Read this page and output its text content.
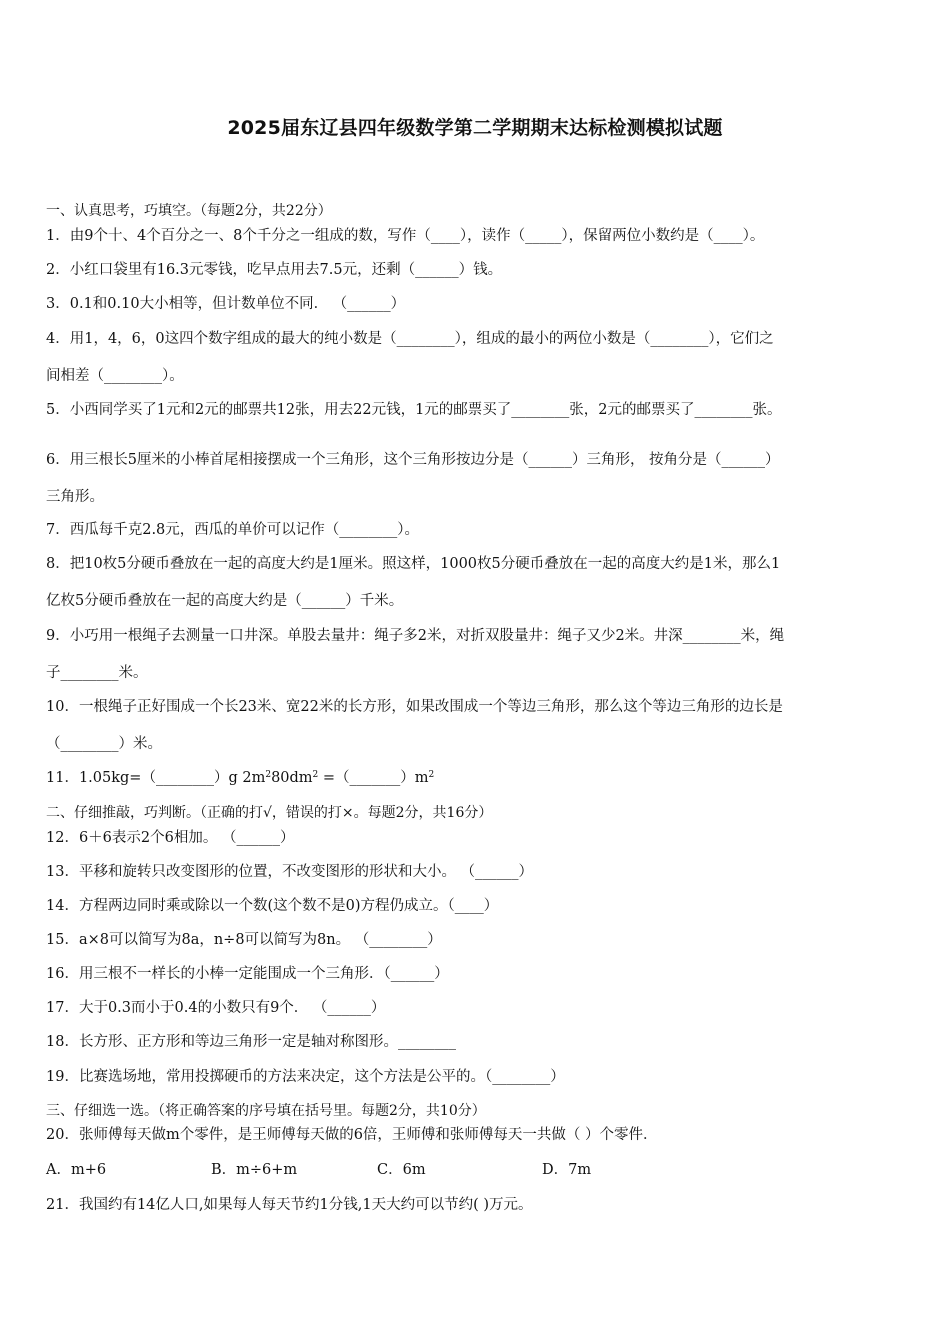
2025届东辽县四年级数学第二学期期末达标检测模拟试题
一、认真思考，巧填空。（每题2分，共22分）
1．由9个十、4个百分之一、8个千分之一组成的数，写作（____），读作（_____），保留两位小数约是（____）。
2．小红口袋里有16.3元零钱，吃早点用去7.5元，还剩（______）钱。
3．0.1和0.10大小相等，但计数单位不同． （______）
4．用1，4，6，0这四个数字组成的最大的纯小数是（________），组成的最小的两位小数是（________），它们之
间相差（________）。
5．小西同学买了1元和2元的邮票共12张，用去22元钱，1元的邮票买了________张，2元的邮票买了________张。
6．用三根长5厘米的小棒首尾相接摆成一个三角形，这个三角形按边分是（______）三角形， 按角分是（______）
三角形。
7．西瓜每千克2.8元，西瓜的单价可以记作（________）。
8．把10枚5分硬币叠放在一起的高度大约是1厘米。照这样，1000枚5分硬币叠放在一起的高度大约是1米，那么1
亿枚5分硬币叠放在一起的高度大约是（______）千米。
9．小巧用一根绳子去测量一口井深。单股去量井：绳子多2米，对折双股量井：绳子又少2米。井深________米，绳
子________米。
10．一根绳子正好围成一个长23米、宽22米的长方形，如果改围成一个等边三角形，那么这个等边三角形的边长是
（________）米。
11．1.05kg=（________）g $2m^280dm^2$ $=(\_\_\_\_\_\_\_)m^2$
二、仔细推敲，巧判断。（正确的打√，错误的打×。每题2分，共16分）
12．6＋6表示2个6相加。 （______）
13．平移和旋转只改变图形的位置，不改变图形的形状和大小。 （______）
14．方程两边同时乘或除以一个数(这个数不是0)方程仍成立。（____）
15．a×8可以简写为8a，n÷8可以简写为8n。 （________）
16．用三根不一样长的小棒一定能围成一个三角形．（______）
17．大于0.3而小于0.4的小数只有9个． （______）
18．长方形、正方形和等边三角形一定是轴对称图形。________
19．比赛选场地，常用投掷硬币的方法来决定，这个方法是公平的。（________）
三、仔细选一选。（将正确答案的序号填在括号里。每题2分，共10分）
20．张师傅每天做m个零件，是王师傅每天做的6倍，王师傅和张师傅每天一共做（ ）个零件．
A．m+6	B．m÷6+m	C．6m	D．7m
21．我国约有14亿人口,如果每人每天节约1分钱,1天大约可以节约( )万元。
